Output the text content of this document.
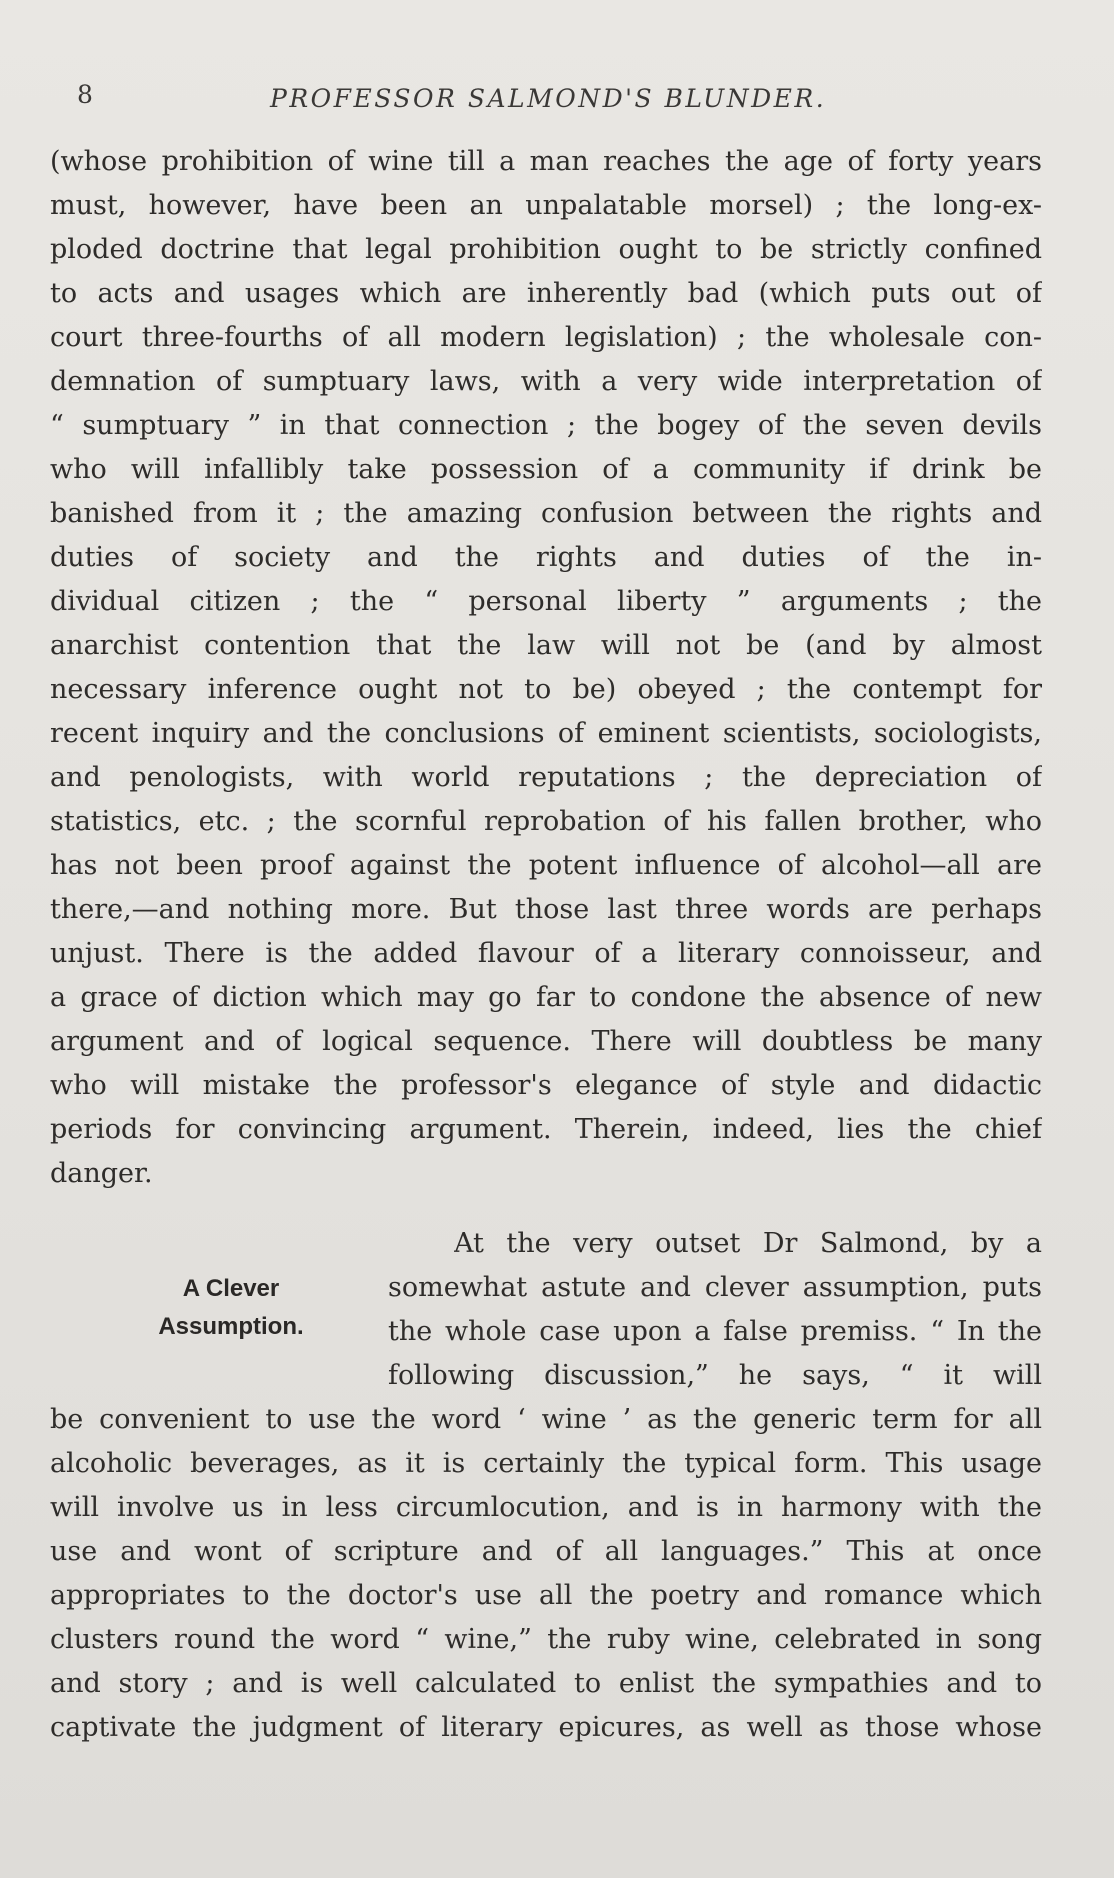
8	PROFESSOR SALMOND'S BLUNDER.
(whose prohibition of wine till a man reaches the age of forty years
must, however, have been an unpalatable morsel) ; the long-ex-
ploded doctrine that legal prohibition ought to be strictly confined
to acts and usages which are inherently bad (which puts out of
court three-fourths of all modern legislation) ; the wholesale con-
demnation of sumptuary laws, with a very wide interpretation of
“ sumptuary ” in that connection ; the bogey of the seven devils
who will infallibly take possession of a community if drink be
banished from it ; the amazing confusion between the rights and
duties of society and the rights and duties of the in-
dividual citizen ; the “ personal liberty ” arguments ; the
anarchist contention that the law will not be (and by almost
necessary inference ought not to be) obeyed ; the contempt for
recent inquiry and the conclusions of eminent scientists, sociologists,
and penologists, with world reputations ; the depreciation of
statistics, etc. ; the scornful reprobation of his fallen brother, who
has not been proof against the potent influence of alcohol—all are
there,—and nothing more. But those last three words are perhaps
unjust. There is the added flavour of a literary connoisseur, and
a grace of diction which may go far to condone the absence of new
argument and of logical sequence. There will doubtless be many
who will mistake the professor's elegance of style and didactic
periods for convincing argument. Therein, indeed, lies the chief
danger.
A Clever
Assumption.
At the very outset Dr Salmond, by a
somewhat astute and clever assumption, puts
the whole case upon a false premiss. “ In the
following discussion,” he says, “ it will
be convenient to use the word ‘ wine ’ as the generic term for all
alcoholic beverages, as it is certainly the typical form. This usage
will involve us in less circumlocution, and is in harmony with the
use and wont of scripture and of all languages.” This at once
appropriates to the doctor's use all the poetry and romance which
clusters round the word “ wine,” the ruby wine, celebrated in song
and story ; and is well calculated to enlist the sympathies and to
captivate the judgment of literary epicures, as well as those whose
